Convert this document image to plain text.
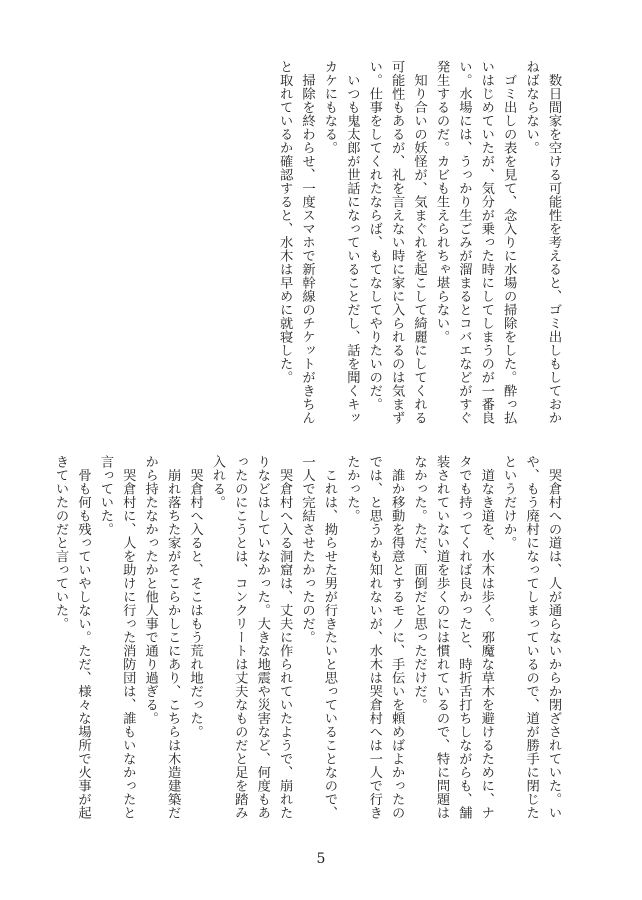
　数日間家を空ける可能性を考えると、ゴミ出しもしておか

ねばならない。

　ゴミ出しの表を見て、念入りに水場の掃除をした。酔っ払

いはじめていたが、気分が乗った時にしてしまうのが一番良

い。水場には、うっかり生ごみが溜まるとコバエなどがすぐ

発生するのだ。カビも生えられちゃ堪らない。

　知り合いの妖怪が、気まぐれを起こして綺麗にしてくれる

可能性もあるが、礼を言えない時に家に入られるのは気まず

い。仕事をしてくれたならば、もてなしてやりたいのだ。

　いつも鬼太郎が世話になっていることだし、話を聞くキッ

カケにもなる。

　掃除を終わらせ、一度スマホで新幹線のチケットがきちん

と取れているか確認すると、水木は早めに就寝した。

　哭倉村への道は、人が通らないからか閉ざされていた。い

や、もう廃村になってしまっているので、道が勝手に閉じた

というだけか。

　道なき道を、水木は歩く。邪魔な草木を避けるために、ナ

タでも持ってくれば良かったと、時折舌打ちしながらも、舗

装されていない道を歩くのには慣れているので、特に問題は

なかった。ただ、面倒だと思っただけだ。

　誰か移動を得意とするモノに、手伝いを頼めばよかったの

では、と思うかも知れないが、水木は哭倉村へは一人で行き

たかった。

　これは、拗らせた男が行きたいと思っていることなので、

一人で完結させたかったのだ。

　哭倉村へ入る洞窟は、丈夫に作られていたようで、崩れた

りなどはしていなかった。大きな地震や災害など、何度もあ

ったのにこうとは、コンクリートは丈夫なものだと足を踏み

入れる。

　哭倉村へ入ると、そこはもう荒れ地だった。

　崩れ落ちた家がそこらかしこにあり、こちらは木造建築だ

から持たなかったかと他人事で通り過ぎる。

　哭倉村に、人を助けに行った消防団は、誰もいなかったと

言っていた。

　骨も何も残っていやしない。ただ、様々な場所で火事が起

きていたのだと言っていた。

5
